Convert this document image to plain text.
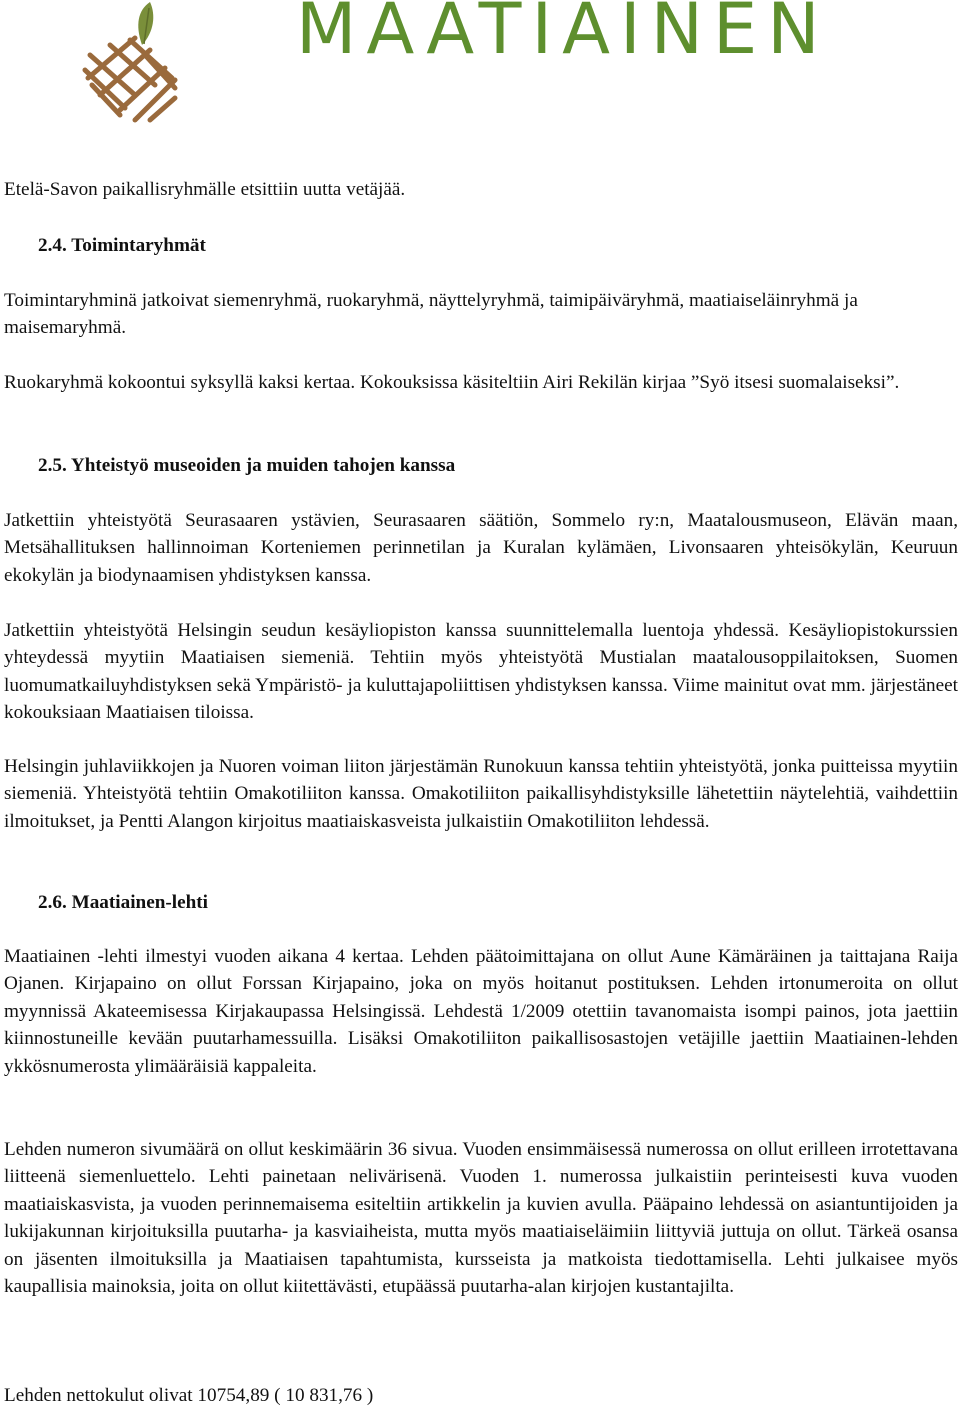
MAATIAINEN

Etelä-Savon paikallisryhmälle etsittiin uutta vetäjää.

2.4. Toimintaryhmät

Toimintaryhminä jatkoivat siemenryhmä, ruokaryhmä, näyttelyryhmä, taimipäiväryhmä, maatiaiseläinryhmä ja maisemaryhmä.

Ruokaryhmä kokoontui syksyllä kaksi kertaa. Kokouksissa käsiteltiin Airi Rekilän kirjaa ”Syö itsesi suomalaiseksi”.

2.5. Yhteistyö museoiden ja muiden tahojen kanssa

Jatkettiin yhteistyötä Seurasaaren ystävien, Seurasaaren säätiön, Sommelo ry:n, Maatalousmuseon, Elävän maan, Metsähallituksen hallinnoiman Korteniemen perinnetilan ja Kuralan kylämäen, Livonsaaren yhteisökylän, Keuruun ekokylän ja biodynaamisen yhdistyksen kanssa.

Jatkettiin yhteistyötä Helsingin seudun kesäyliopiston kanssa suunnittelemalla luentoja yhdessä. Kesäyliopistokurssien yhteydessä myytiin Maatiaisen siemeniä. Tehtiin myös yhteistyötä Mustialan maatalousoppilaitoksen, Suomen luomumatkailuyhdistyksen sekä Ympäristö- ja kuluttajapoliittisen yhdistyksen kanssa. Viime mainitut ovat mm. järjestäneet kokouksiaan Maatiaisen tiloissa.

Helsingin juhlaviikkojen ja Nuoren voiman liiton järjestämän Runokuun kanssa tehtiin yhteistyötä, jonka puitteissa myytiin siemeniä. Yhteistyötä tehtiin Omakotiliiton kanssa. Omakotiliiton paikallisyhdistyksille lähetettiin näytelehtiä, vaihdettiin ilmoitukset, ja Pentti Alangon kirjoitus maatiaiskasveista julkaistiin Omakotiliiton lehdessä.

2.6. Maatiainen-lehti

Maatiainen -lehti ilmestyi vuoden aikana 4 kertaa. Lehden päätoimittajana on ollut Aune Kämäräinen ja taittajana Raija Ojanen. Kirjapaino on ollut Forssan Kirjapaino, joka on myös hoitanut postituksen. Lehden irtonumeroita on ollut myynnissä Akateemisessa Kirjakaupassa Helsingissä. Lehdestä 1/2009 otettiin tavanomaista isompi painos, jota jaettiin kiinnostuneille kevään puutarhamessuilla. Lisäksi Omakotiliiton paikallisosastojen vetäjille jaettiin Maatiainen-lehden ykkösnumerosta ylimääräisiä kappaleita.

Lehden numeron sivumäärä on ollut keskimäärin 36 sivua. Vuoden ensimmäisessä numerossa on ollut erilleen irrotettavana liitteenä siemenluettelo. Lehti painetaan nelivärisenä. Vuoden 1. numerossa julkaistiin perinteisesti kuva vuoden maatiaiskasvista, ja vuoden perinnemaisema esiteltiin artikkelin ja kuvien avulla. Pääpaino lehdessä on asiantuntijoiden ja lukijakunnan kirjoituksilla puutarha- ja kasviaiheista, mutta myös maatiaiseläimiin liittyviä juttuja on ollut. Tärkeä osansa on jäsenten ilmoituksilla ja Maatiaisen tapahtumista, kursseista ja matkoista tiedottamisella. Lehti julkaisee myös kaupallisia mainoksia, joita on ollut kiitettävästi, etupäässä puutarha-alan kirjojen kustantajilta.

Lehden nettokulut olivat 10754,89 ( 10 831,76 )
